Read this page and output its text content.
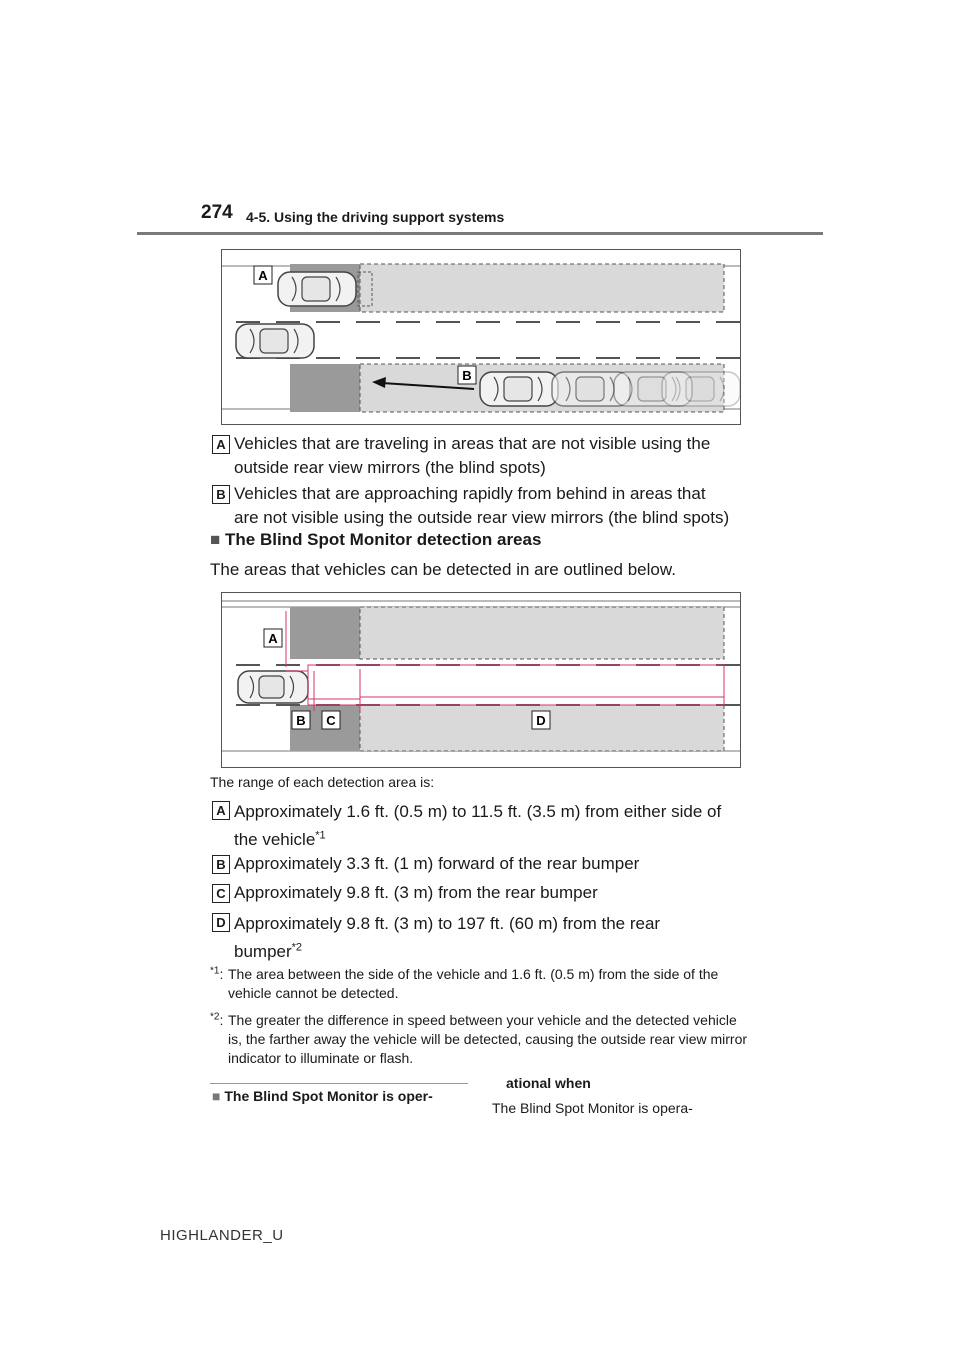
274 4-5. Using the driving support systems
A
B
A Vehicles that are traveling in areas that are not visible using the
outside rear view mirrors (the blind spots)
B Vehicles that are approaching rapidly from behind in areas that
are not visible using the outside rear view mirrors (the blind spots)
■ The Blind Spot Monitor detection areas
The areas that vehicles can be detected in are outlined below.
A
B C	D
The range of each detection area is:
A Approximately 1.6 ft. (0.5 m) to 11.5 ft. (3.5 m) from either side of
the vehicle$^{*1}$
B Approximately 3.3 ft. (1 m) forward of the rear bumper
C Approximately 9.8 ft. (3 m) from the rear bumper
D Approximately 9.8 ft. (3 m) to 197 ft. (60 m) from the rear
bumper$^{*2}$
$^{*1}$: The area between the side of the vehicle and 1.6 ft. (0.5 m) from the side of the vehicle cannot be detected.
$^{*2}$: The greater the difference in speed between your vehicle and the detected vehicle is, the farther away the vehicle will be detected, causing the outside rear view mirror indicator to illuminate or flash.
■ The Blind Spot Monitor is oper-
ational when
The Blind Spot Monitor is opera-
HIGHLANDER_U
